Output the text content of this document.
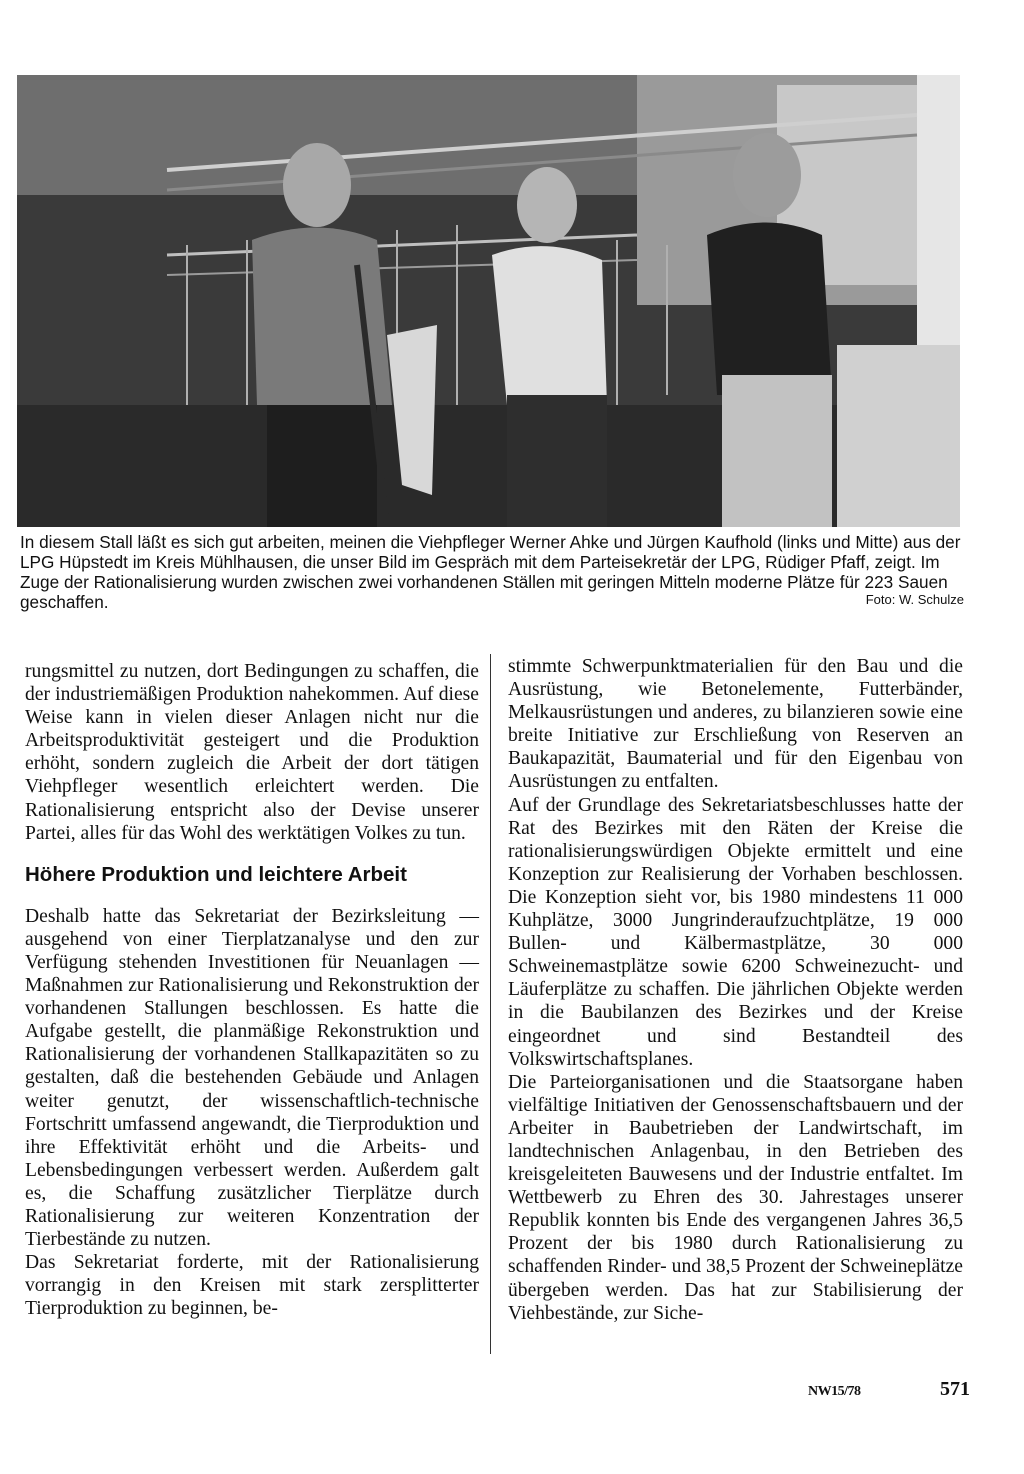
In diesem Stall läßt es sich gut arbeiten, meinen die Viehpfleger Werner Ahke und Jürgen Kaufhold (links und Mitte) aus der LPG Hüpstedt im Kreis Mühlhausen, die unser Bild im Gespräch mit dem Parteisekretär der LPG, Rüdiger Pfaff, zeigt. Im Zuge der Rationalisierung wurden zwischen zwei vorhandenen Ställen mit geringen Mitteln moderne Plätze für 223 Sauen geschaffen.	Foto: W. Schulze

rungsmittel zu nutzen, dort Bedingungen zu schaffen, die der industriemäßigen Produktion nahekommen. Auf diese Weise kann in vielen dieser Anlagen nicht nur die Arbeitsproduktivität gesteigert und die Produktion erhöht, sondern zugleich die Arbeit der dort tätigen Viehpfleger wesentlich erleichtert werden. Die Rationalisierung entspricht also der Devise unserer Partei, alles für das Wohl des werktätigen Volkes zu tun.

Höhere Produktion und leichtere Arbeit

Deshalb hatte das Sekretariat der Bezirksleitung — ausgehend von einer Tierplatzanalyse und den zur Verfügung stehenden Investitionen für Neuanlagen — Maßnahmen zur Rationalisierung und Rekonstruktion der vorhandenen Stallungen beschlossen. Es hatte die Aufgabe gestellt, die planmäßige Rekonstruktion und Rationalisierung der vorhandenen Stallkapazitäten so zu gestalten, daß die bestehenden Gebäude und Anlagen weiter genutzt, der wissenschaftlich-technische Fortschritt umfassend angewandt, die Tierproduktion und ihre Effektivität erhöht und die Arbeits- und Lebensbedingungen verbessert werden. Außerdem galt es, die Schaffung zusätzlicher Tierplätze durch Rationalisierung zur weiteren Konzentration der Tierbestände zu nutzen.

Das Sekretariat forderte, mit der Rationalisierung vorrangig in den Kreisen mit stark zersplitterter Tierproduktion zu beginnen, be-

stimmte Schwerpunktmaterialien für den Bau und die Ausrüstung, wie Betonelemente, Futterbänder, Melkausrüstungen und anderes, zu bilanzieren sowie eine breite Initiative zur Erschließung von Reserven an Baukapazität, Baumaterial und für den Eigenbau von Ausrüstungen zu entfalten.

Auf der Grundlage des Sekretariatsbeschlusses hatte der Rat des Bezirkes mit den Räten der Kreise die rationalisierungswürdigen Objekte ermittelt und eine Konzeption zur Realisierung der Vorhaben beschlossen. Die Konzeption sieht vor, bis 1980 mindestens 11 000 Kuhplätze, 3000 Jungrinderaufzuchtplätze, 19 000 Bullen- und Kälbermastplätze, 30 000 Schweinemastplätze sowie 6200 Schweinezucht- und Läuferplätze zu schaffen. Die jährlichen Objekte werden in die Baubilanzen des Bezirkes und der Kreise eingeordnet und sind Bestandteil des Volkswirtschaftsplanes.

Die Parteiorganisationen und die Staatsorgane haben vielfältige Initiativen der Genossenschaftsbauern und der Arbeiter in Baubetrieben der Landwirtschaft, im landtechnischen Anlagenbau, in den Betrieben des kreisgeleiteten Bauwesens und der Industrie entfaltet. Im Wettbewerb zu Ehren des 30. Jahrestages unserer Republik konnten bis Ende des vergangenen Jahres 36,5 Prozent der bis 1980 durch Rationalisierung zu schaffenden Rinder- und 38,5 Prozent der Schweineplätze übergeben werden. Das hat zur Stabilisierung der Viehbestände, zur Siche-

NW15/78	571
